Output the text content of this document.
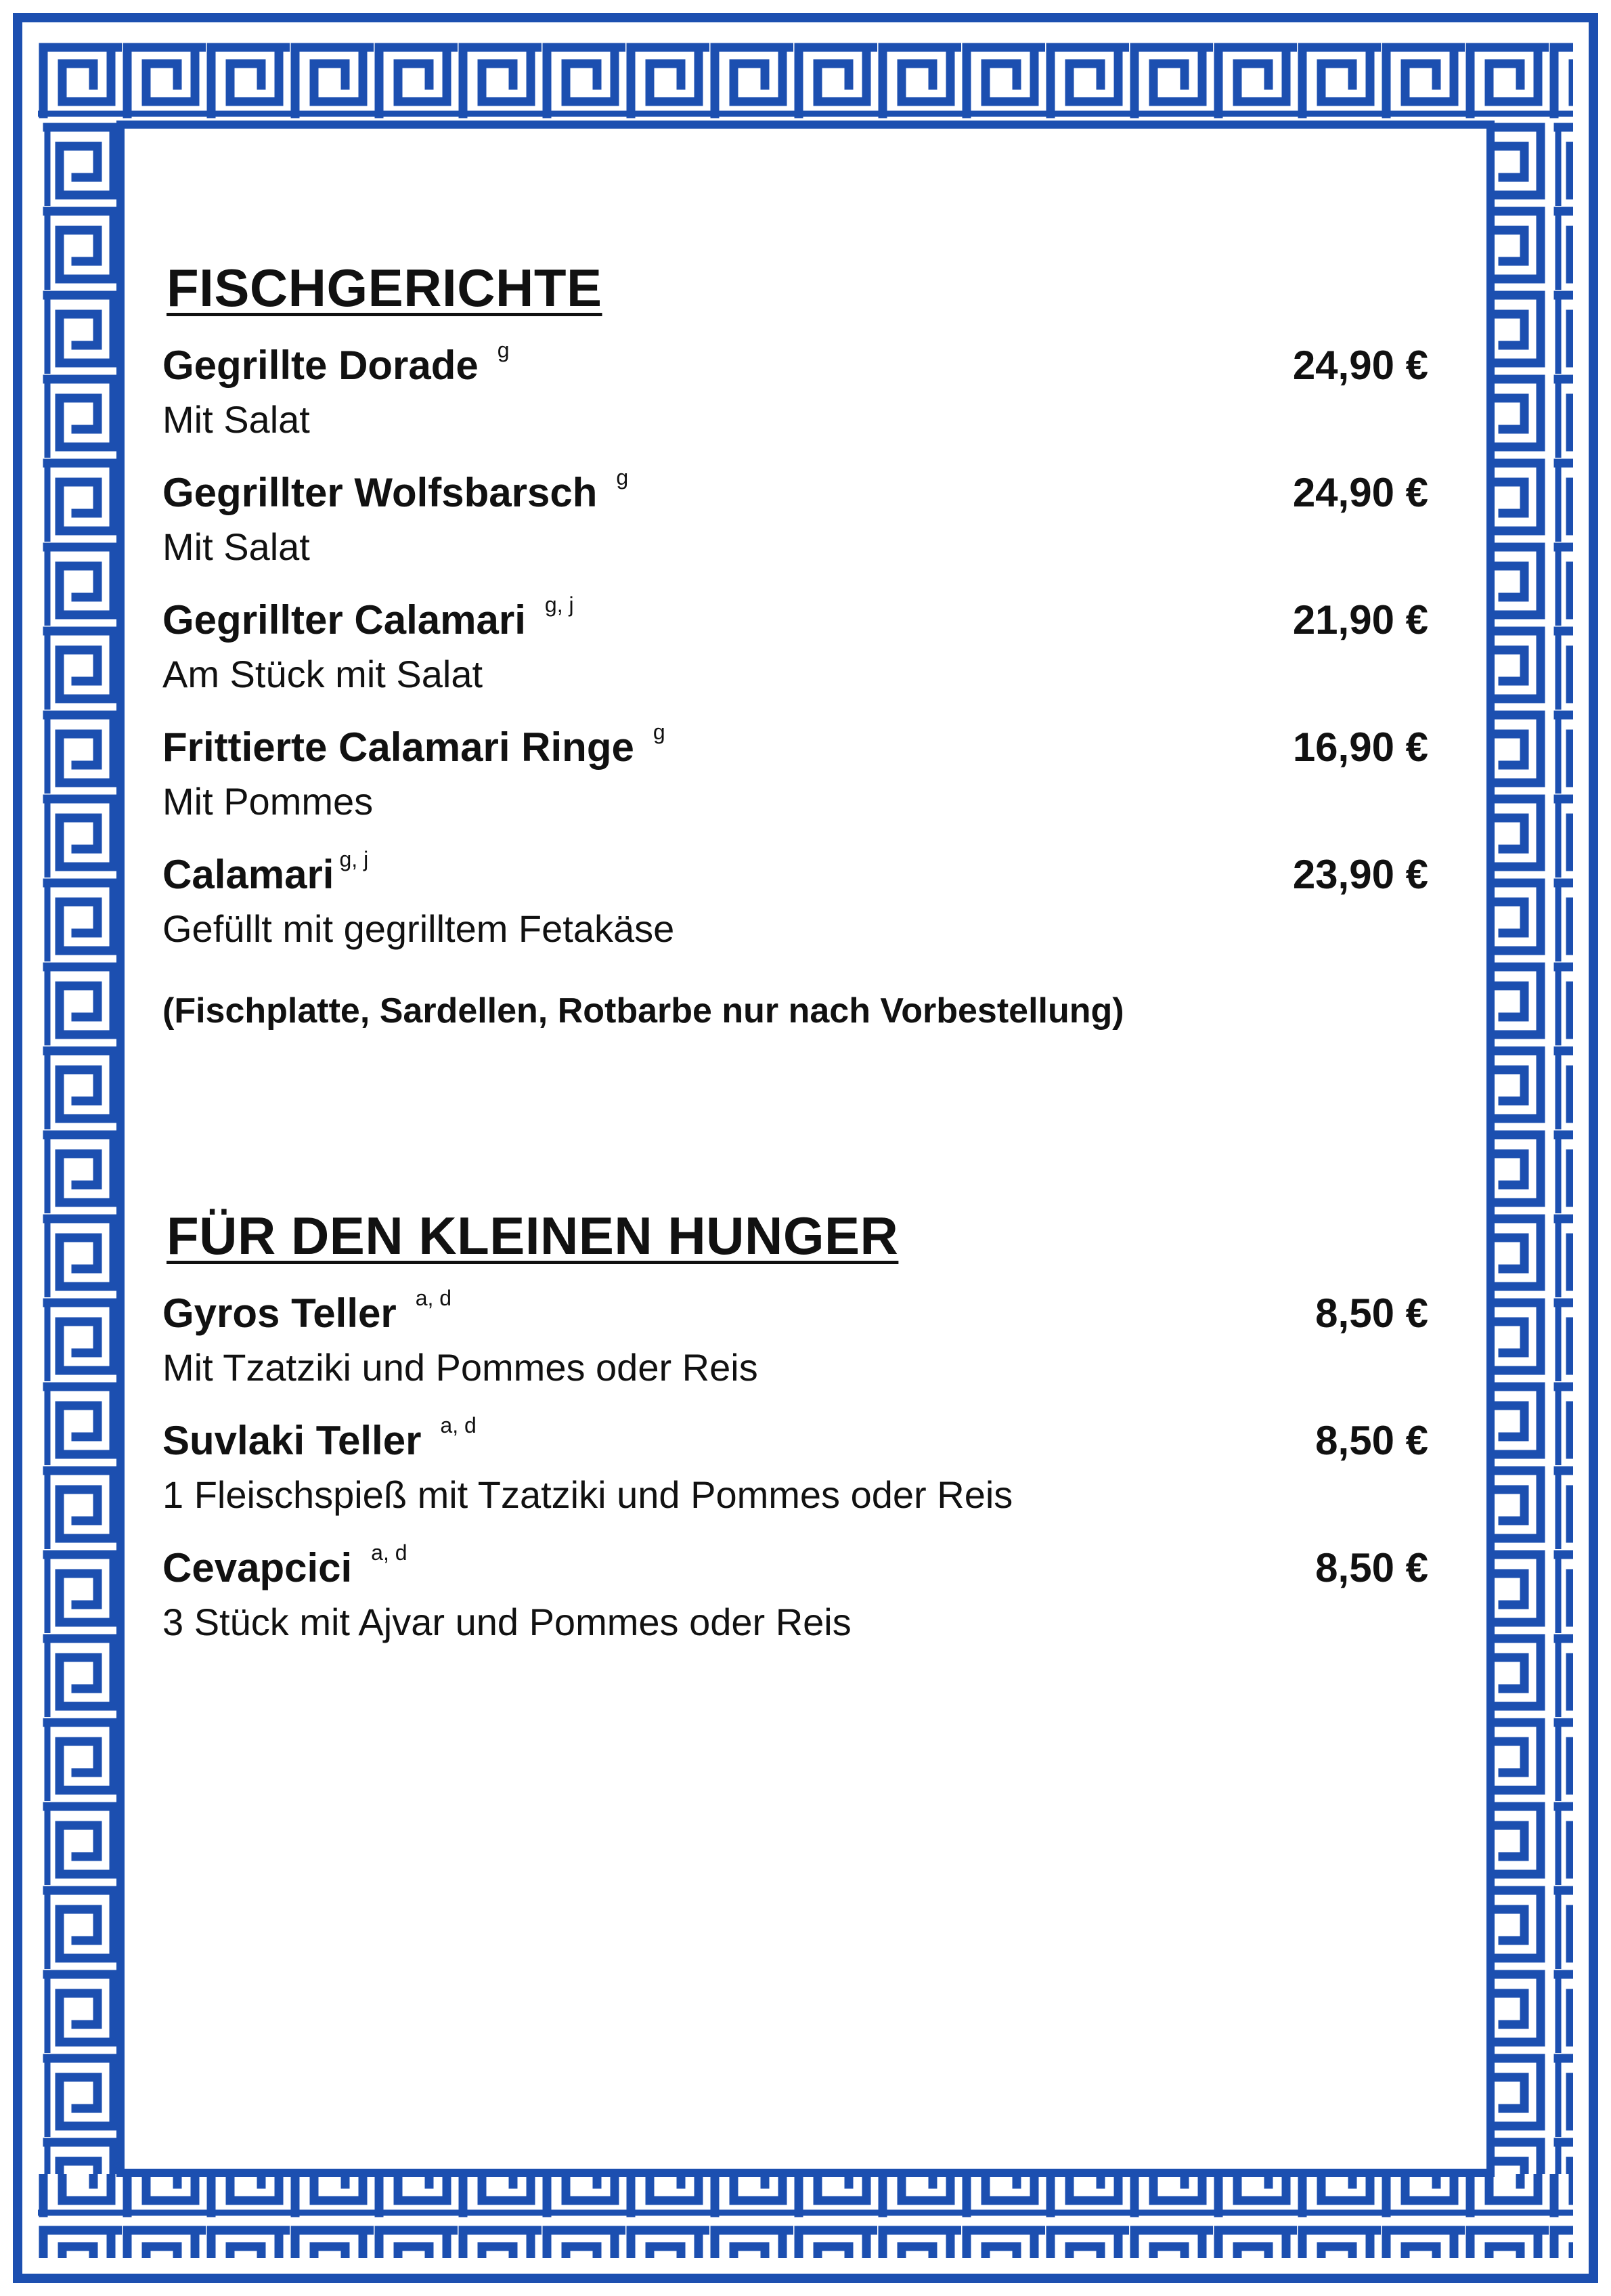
FISCHGERICHTE
Gegrillte Dorade $^g$	24,90 €
Mit Salat
Gegrillter Wolfsbarsch $^g$	24,90 €
Mit Salat
Gegrillter Calamari $^{g, j}$	21,90 €
Am Stück mit Salat
Frittierte Calamari Ringe $^g$	16,90 €
Mit Pommes
Calamari $^{g, j}$	23,90 €
Gefüllt mit gegrilltem Fetakäse
(Fischplatte, Sardellen, Rotbarbe nur nach Vorbestellung)
FÜR DEN KLEINEN HUNGER
Gyros Teller $^{a, d}$	8,50 €
Mit Tzatziki und Pommes oder Reis
Suvlaki Teller $^{a, d}$	8,50 €
1 Fleischspieß mit Tzatziki und Pommes oder Reis
Cevapcici $^{a, d}$	8,50 €
3 Stück mit Ajvar und Pommes oder Reis
